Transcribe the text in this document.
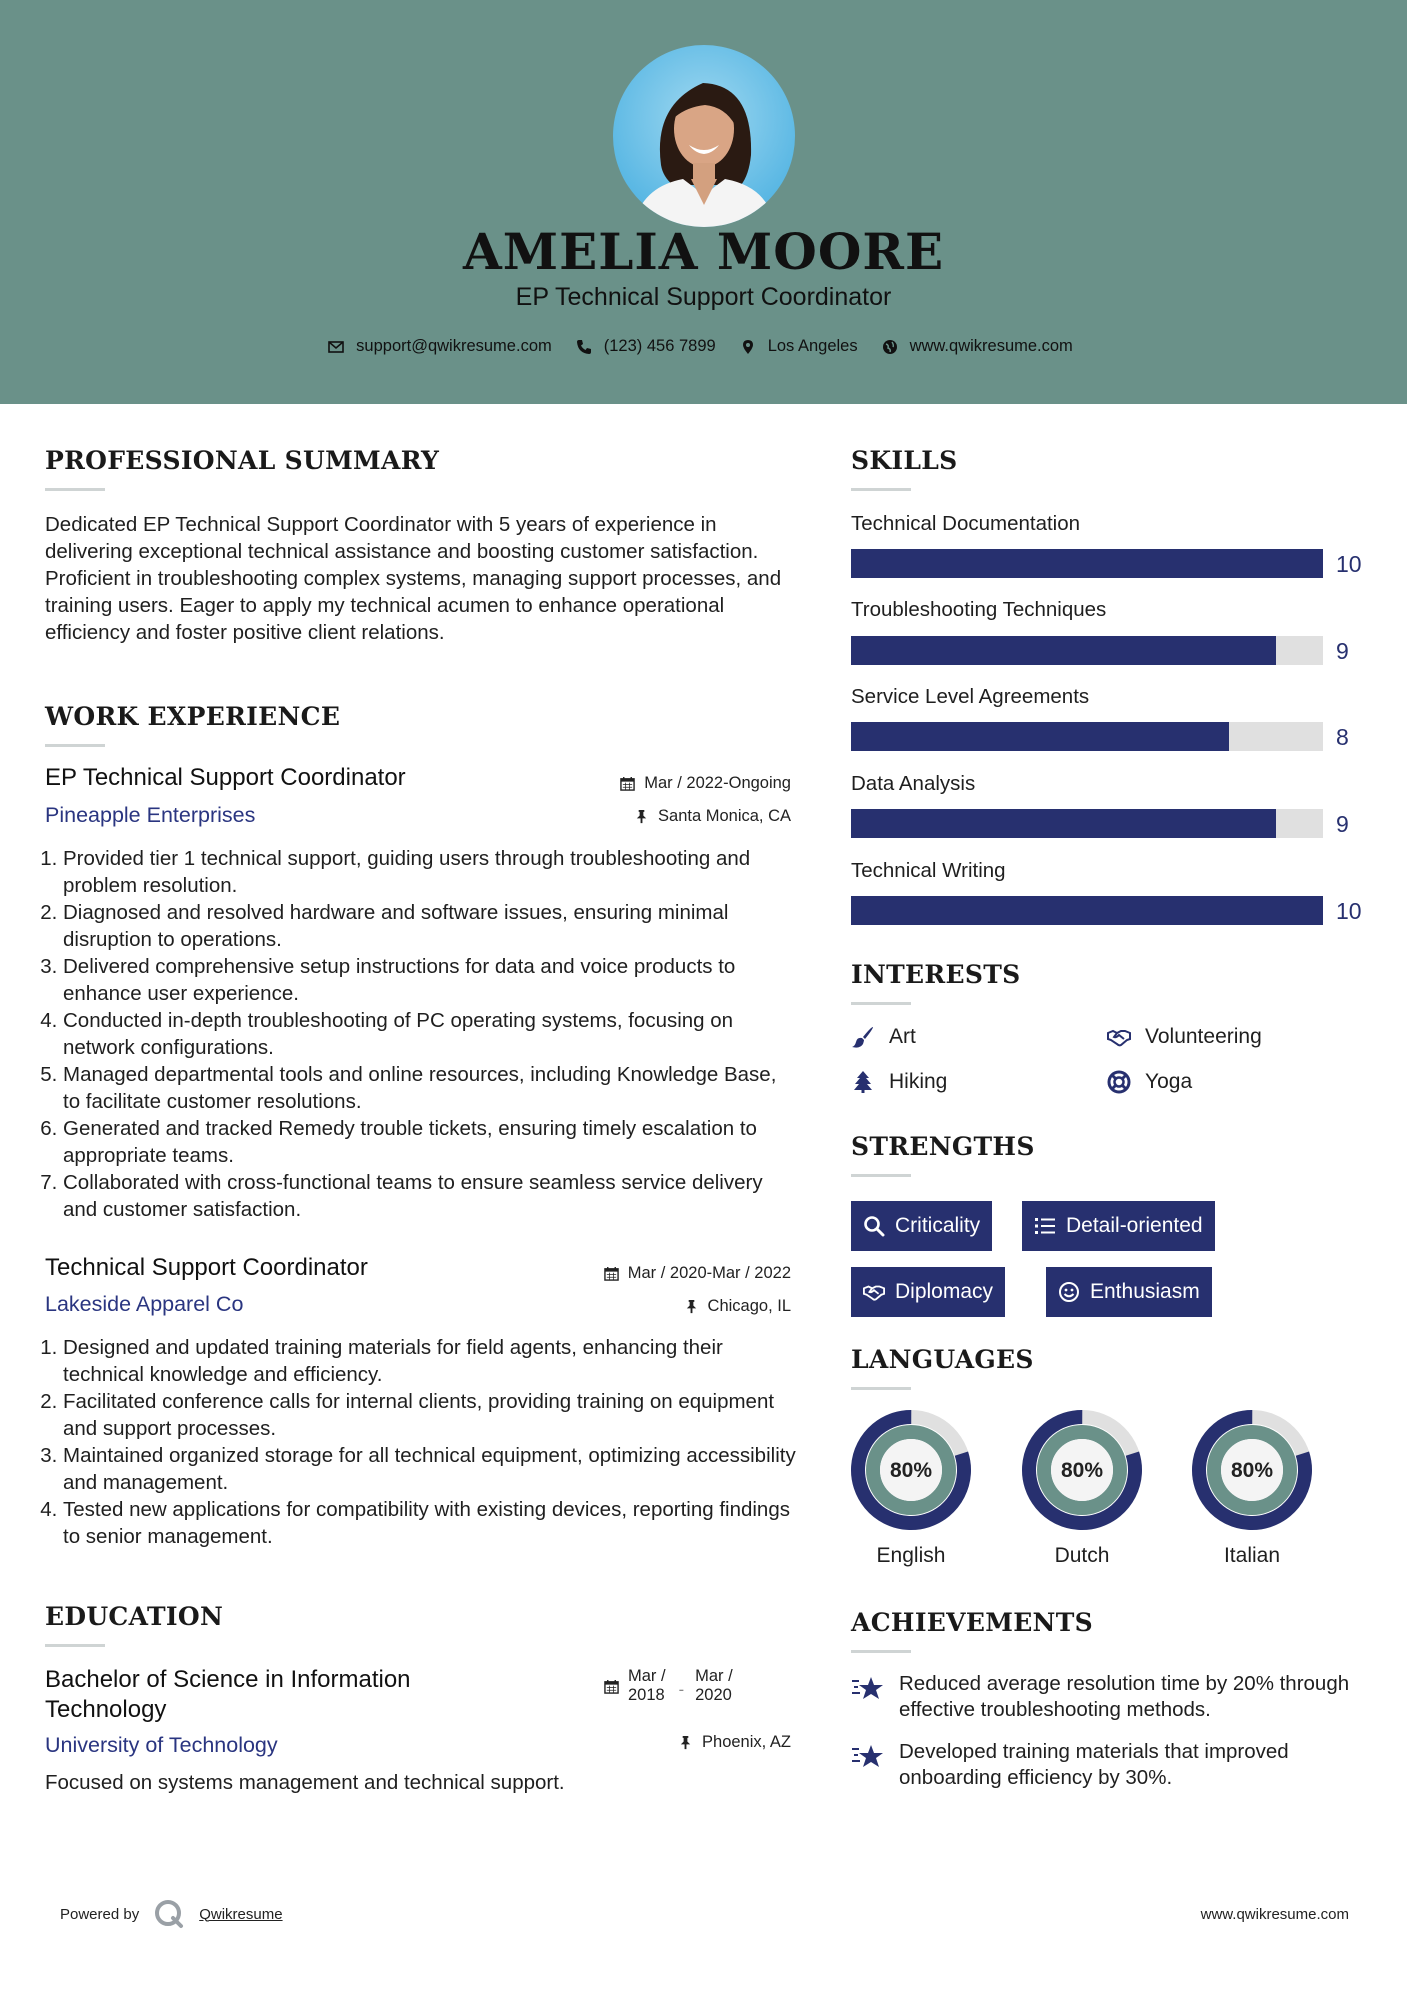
AMELIA MOORE
EP Technical Support Coordinator
support@qwikresume.com	(123) 456 7899	Los Angeles	www.qwikresume.com
PROFESSIONAL SUMMARY
Dedicated EP Technical Support Coordinator with 5 years of experience in delivering exceptional technical assistance and boosting customer satisfaction. Proficient in troubleshooting complex systems, managing support processes, and training users. Eager to apply my technical acumen to enhance operational efficiency and foster positive client relations.
WORK EXPERIENCE
EP Technical Support Coordinator	Mar / 2022-Ongoing
Pineapple Enterprises	Santa Monica, CA
1. Provided tier 1 technical support, guiding users through troubleshooting and problem resolution.
2. Diagnosed and resolved hardware and software issues, ensuring minimal disruption to operations.
3. Delivered comprehensive setup instructions for data and voice products to enhance user experience.
4. Conducted in-depth troubleshooting of PC operating systems, focusing on network configurations.
5. Managed departmental tools and online resources, including Knowledge Base, to facilitate customer resolutions.
6. Generated and tracked Remedy trouble tickets, ensuring timely escalation to appropriate teams.
7. Collaborated with cross-functional teams to ensure seamless service delivery and customer satisfaction.
Technical Support Coordinator	Mar / 2020-Mar / 2022
Lakeside Apparel Co	Chicago, IL
1. Designed and updated training materials for field agents, enhancing their technical knowledge and efficiency.
2. Facilitated conference calls for internal clients, providing training on equipment and support processes.
3. Maintained organized storage for all technical equipment, optimizing accessibility and management.
4. Tested new applications for compatibility with existing devices, reporting findings to senior management.
EDUCATION
Bachelor of Science in Information
Technology
Mar /
2018 -
Mar /
2020
University of Technology	Phoenix, AZ
Focused on systems management and technical support.
SKILLS
Technical Documentation
10
Troubleshooting Techniques
9
Service Level Agreements
8
Data Analysis
9
Technical Writing
10
INTERESTS
Art	Volunteering
Hiking	Yoga
STRENGTHS
Criticality	Detail-oriented
Diplomacy	Enthusiasm
LANGUAGES
80%
English
80%
Dutch
80%
Italian
ACHIEVEMENTS
Reduced average resolution time by 20% through effective troubleshooting methods.
Developed training materials that improved onboarding efficiency by 30%.
Powered by	Qwikresume	www.qwikresume.com
